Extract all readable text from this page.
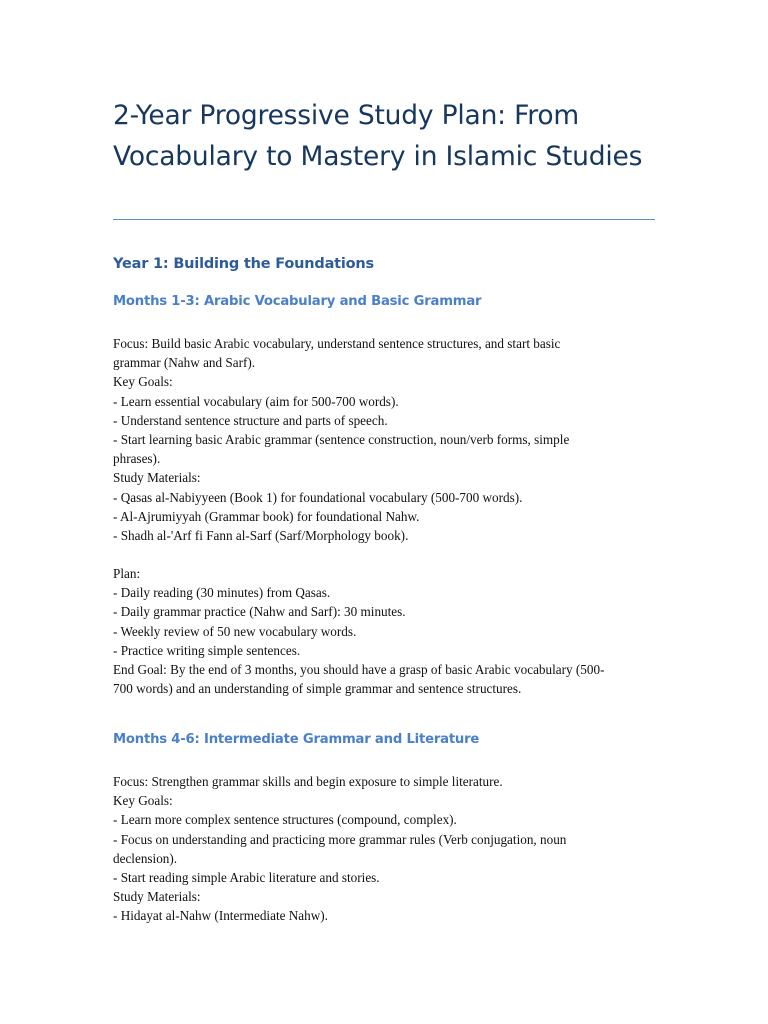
2-Year Progressive Study Plan: From Vocabulary to Mastery in Islamic Studies
Year 1: Building the Foundations
Months 1-3: Arabic Vocabulary and Basic Grammar
Focus: Build basic Arabic vocabulary, understand sentence structures, and start basic
grammar (Nahw and Sarf).
Key Goals:
- Learn essential vocabulary (aim for 500-700 words).
- Understand sentence structure and parts of speech.
- Start learning basic Arabic grammar (sentence construction, noun/verb forms, simple
phrases).
Study Materials:
- Qasas al-Nabiyyeen (Book 1) for foundational vocabulary (500-700 words).
- Al-Ajrumiyyah (Grammar book) for foundational Nahw.
- Shadh al-'Arf fi Fann al-Sarf (Sarf/Morphology book).
Plan:
- Daily reading (30 minutes) from Qasas.
- Daily grammar practice (Nahw and Sarf): 30 minutes.
- Weekly review of 50 new vocabulary words.
- Practice writing simple sentences.
End Goal: By the end of 3 months, you should have a grasp of basic Arabic vocabulary (500-
700 words) and an understanding of simple grammar and sentence structures.
Months 4-6: Intermediate Grammar and Literature
Focus: Strengthen grammar skills and begin exposure to simple literature.
Key Goals:
- Learn more complex sentence structures (compound, complex).
- Focus on understanding and practicing more grammar rules (Verb conjugation, noun
declension).
- Start reading simple Arabic literature and stories.
Study Materials:
- Hidayat al-Nahw (Intermediate Nahw).
